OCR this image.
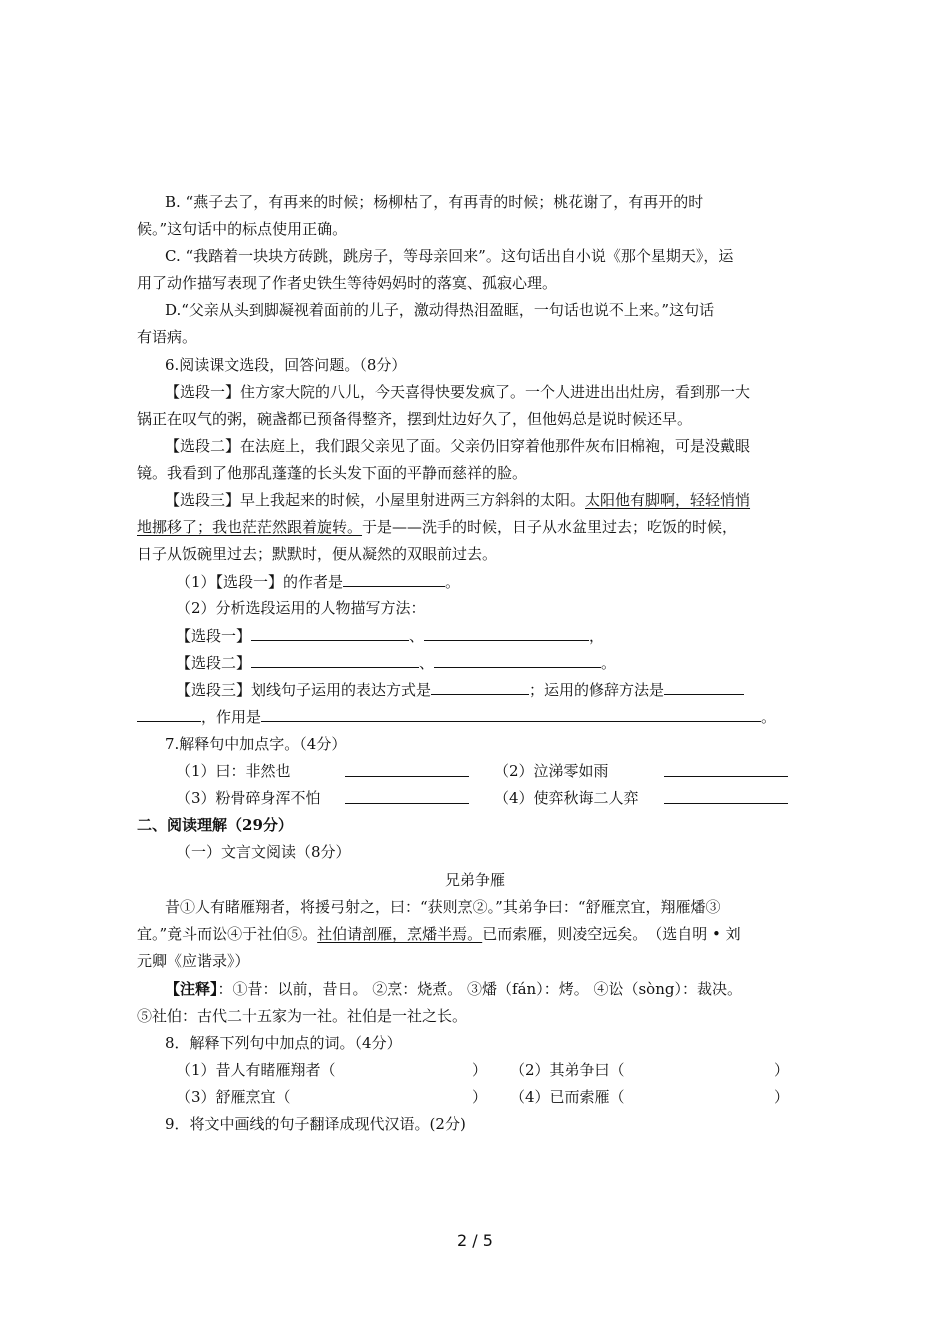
B. “燕子去了，有再来的时候；杨柳枯了，有再青的时候；桃花谢了，有再开的时
候。”这句话中的标点使用正确。
C. “我踏着一块块方砖跳，跳房子，等母亲回来”。这句话出自小说《那个星期天》，运
用了动作描写表现了作者史铁生等待妈妈时的落寞、孤寂心理。
D.“父亲从头到脚凝视着面前的儿子，激动得热泪盈眶，一句话也说不上来。”这句话
有语病。
6.阅读课文选段，回答问题。（8分）
【选段一】住方家大院的八儿，今天喜得快要发疯了。一个人进进出出灶房，看到那一大
锅正在叹气的粥，碗盏都已预备得整齐，摆到灶边好久了，但他妈总是说时候还早。
【选段二】在法庭上，我们跟父亲见了面。父亲仍旧穿着他那件灰布旧棉袍，可是没戴眼
镜。我看到了他那乱蓬蓬的长头发下面的平静而慈祥的脸。
【选段三】早上我起来的时候，小屋里射进两三方斜斜的太阳。太阳他有脚啊，轻轻悄悄
地挪移了；我也茫茫然跟着旋转。于是——洗手的时候，日子从水盆里过去；吃饭的时候，
日子从饭碗里过去；默默时，便从凝然的双眼前过去。
（1）【选段一】的作者是	。
（2）分析选段运用的人物描写方法：
【选段一】	、	，
【选段二】	、	。
【选段三】划线句子运用的表达方式是	；运用的修辞方法是
，作用是	。
7.解释句中加点字。（4分）
（1）曰：非然也	（2）泣涕零如雨
（3）粉骨碎身浑不怕	（4）使弈秋诲二人弈
二、阅读理解（29分）
（一）文言文阅读（8分）
兄弟争雁
昔①人有睹雁翔者，将援弓射之，曰：“获则烹②。”其弟争曰：“舒雁烹宜，翔雁燔③
宜。”竟斗而讼④于社伯⑤。社伯请剖雁，烹燔半焉。已而索雁，则凌空远矣。　（选自明 • 刘
元卿《应谐录》）
【注释】：①昔：以前，昔日。 ②烹：烧煮。 ③燔（fán）：烤。 ④讼（sòng）：裁决。
⑤社伯：古代二十五家为一社。社伯是一社之长。
8．解释下列句中加点的词。（4分）
（1）昔人有睹雁翔者（	） （2）其弟争曰（	）
（3）舒雁烹宜（	） （4）已而索雁（	）
9．将文中画线的句子翻译成现代汉语。(2分)
2 / 5
